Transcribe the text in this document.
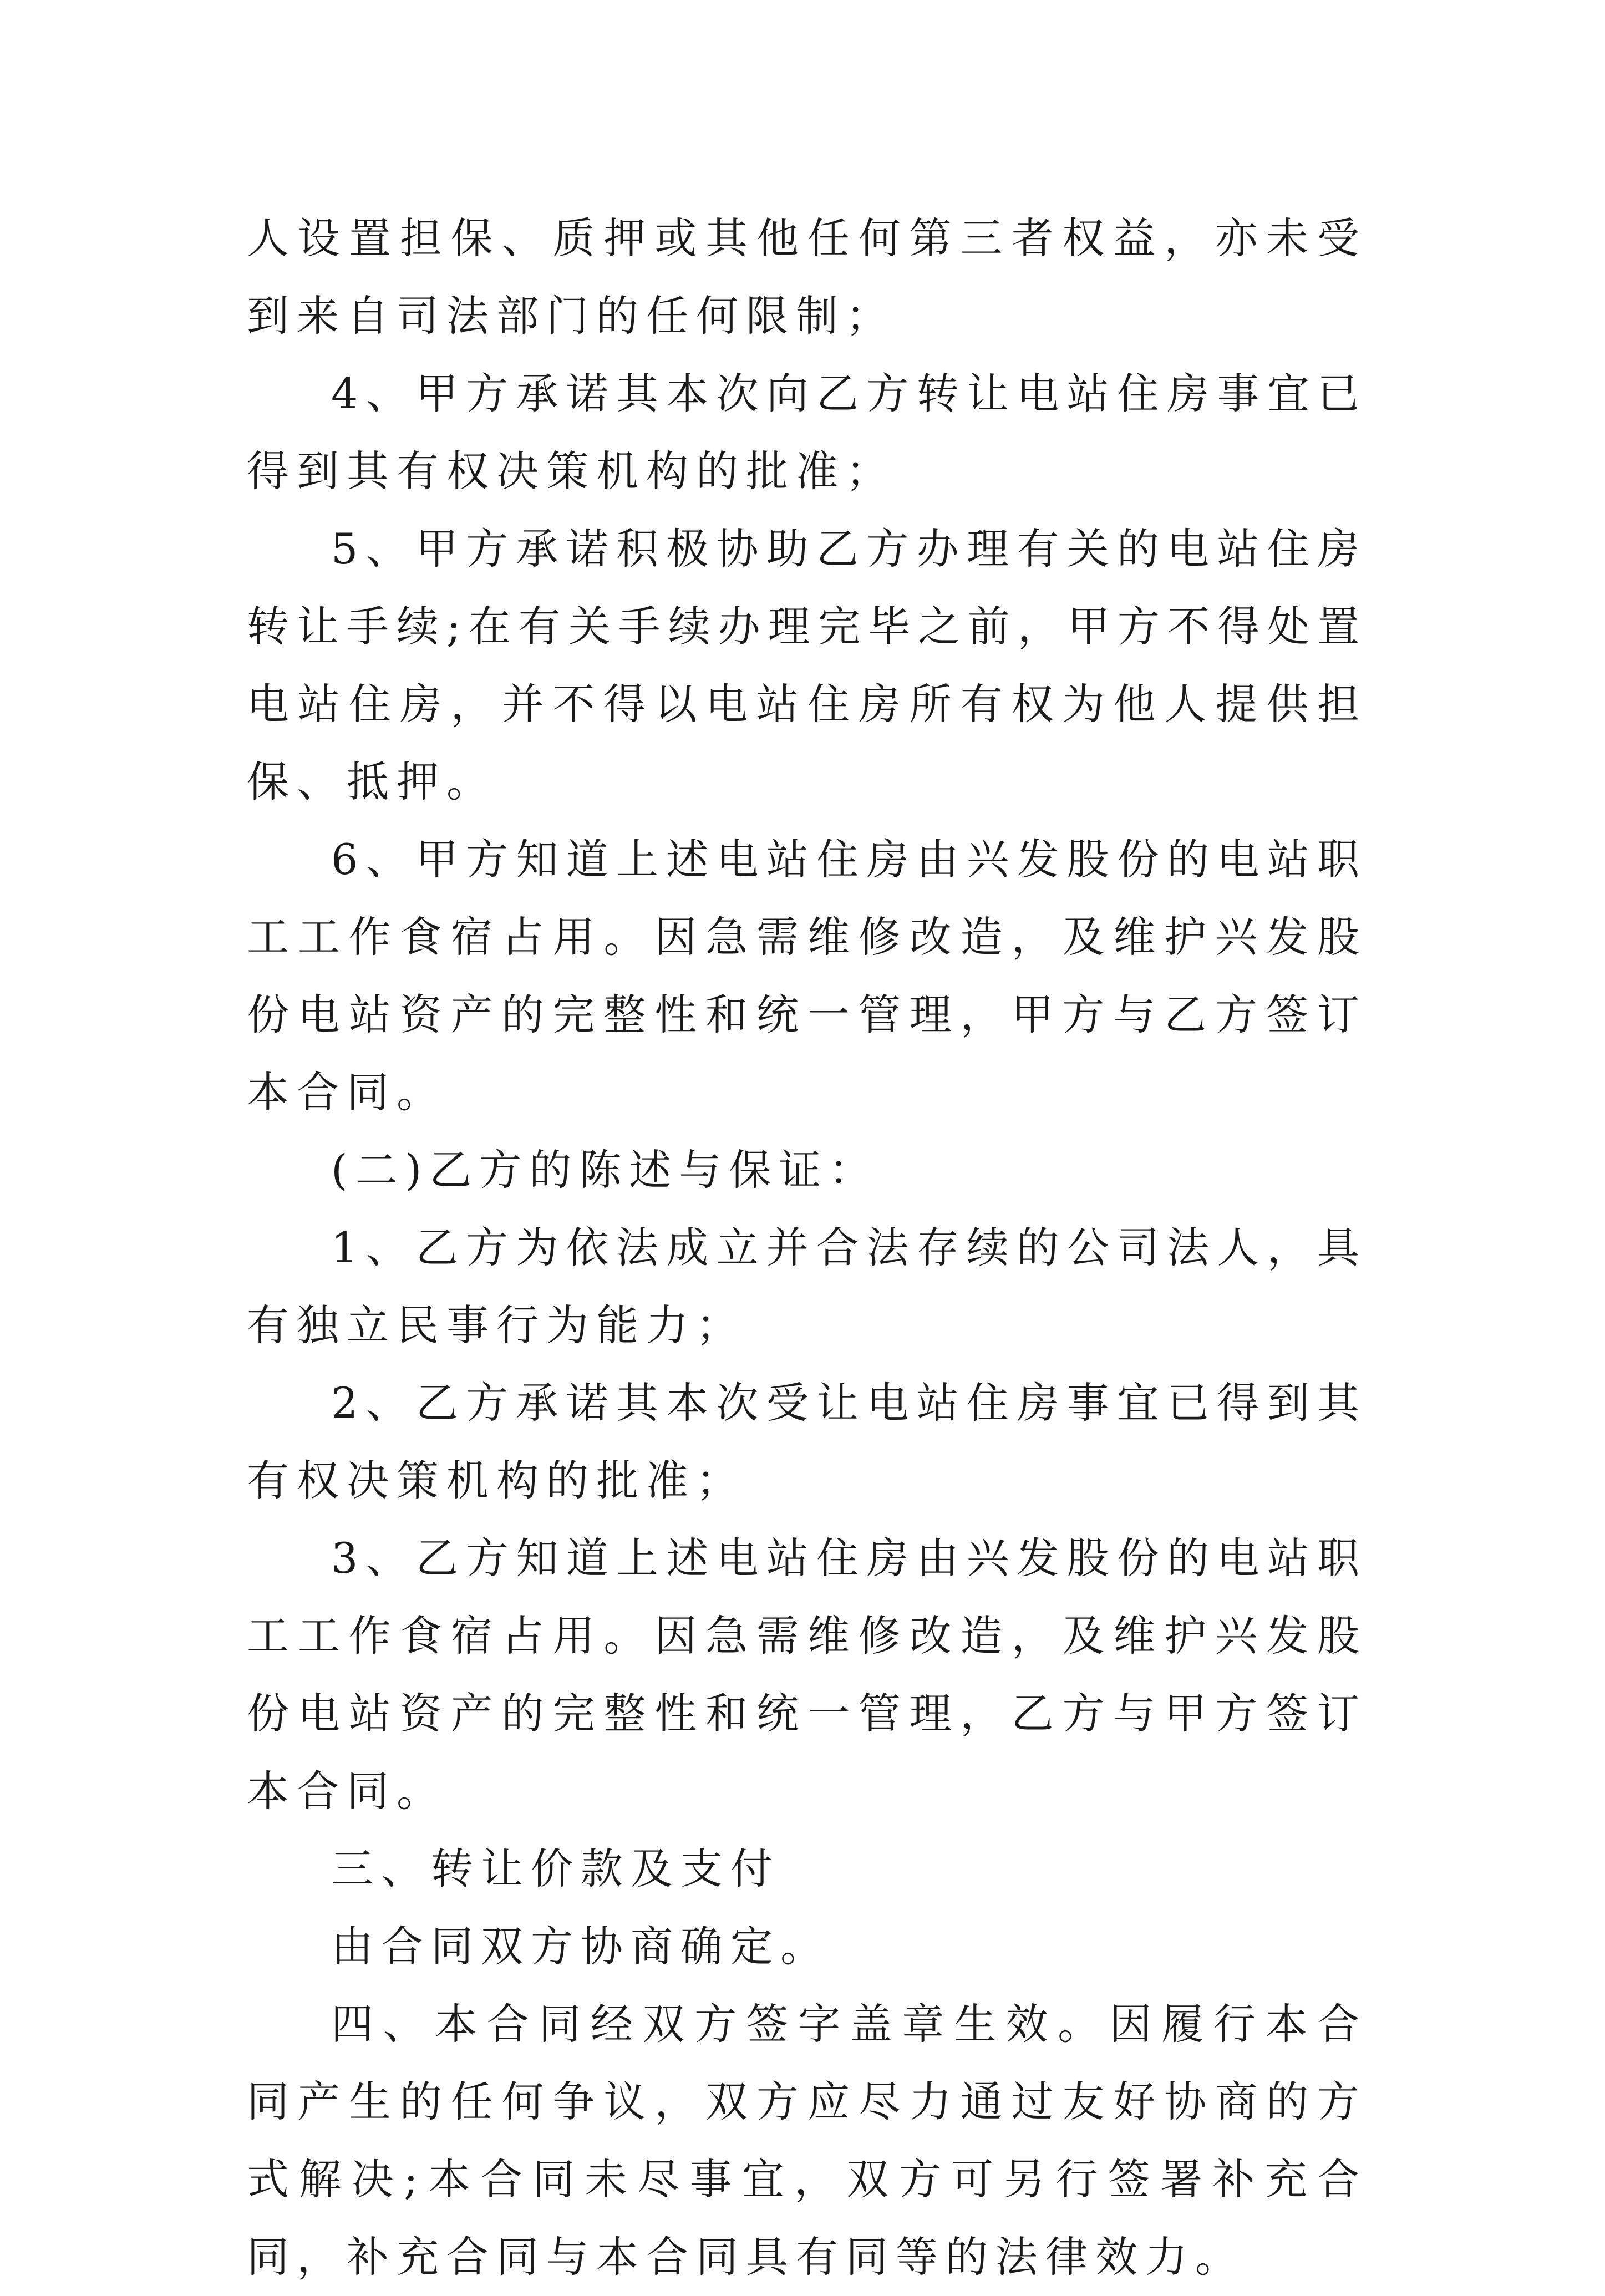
人设置担保、质押或其他任何第三者权益，亦未受到来自司法部门的任何限制；

4、甲方承诺其本次向乙方转让电站住房事宜已得到其有权决策机构的批准；

5、甲方承诺积极协助乙方办理有关的电站住房转让手续;在有关手续办理完毕之前，甲方不得处置电站住房，并不得以电站住房所有权为他人提供担保、抵押。

6、甲方知道上述电站住房由兴发股份的电站职工工作食宿占用。因急需维修改造，及维护兴发股份电站资产的完整性和统一管理，甲方与乙方签订本合同。

(二)乙方的陈述与保证：

1、乙方为依法成立并合法存续的公司法人，具有独立民事行为能力；

2、乙方承诺其本次受让电站住房事宜已得到其有权决策机构的批准；

3、乙方知道上述电站住房由兴发股份的电站职工工作食宿占用。因急需维修改造，及维护兴发股份电站资产的完整性和统一管理，乙方与甲方签订本合同。

三、转让价款及支付

由合同双方协商确定。

四、本合同经双方签字盖章生效。因履行本合同产生的任何争议，双方应尽力通过友好协商的方式解决;本合同未尽事宜，双方可另行签署补充合同，补充合同与本合同具有同等的法律效力。
